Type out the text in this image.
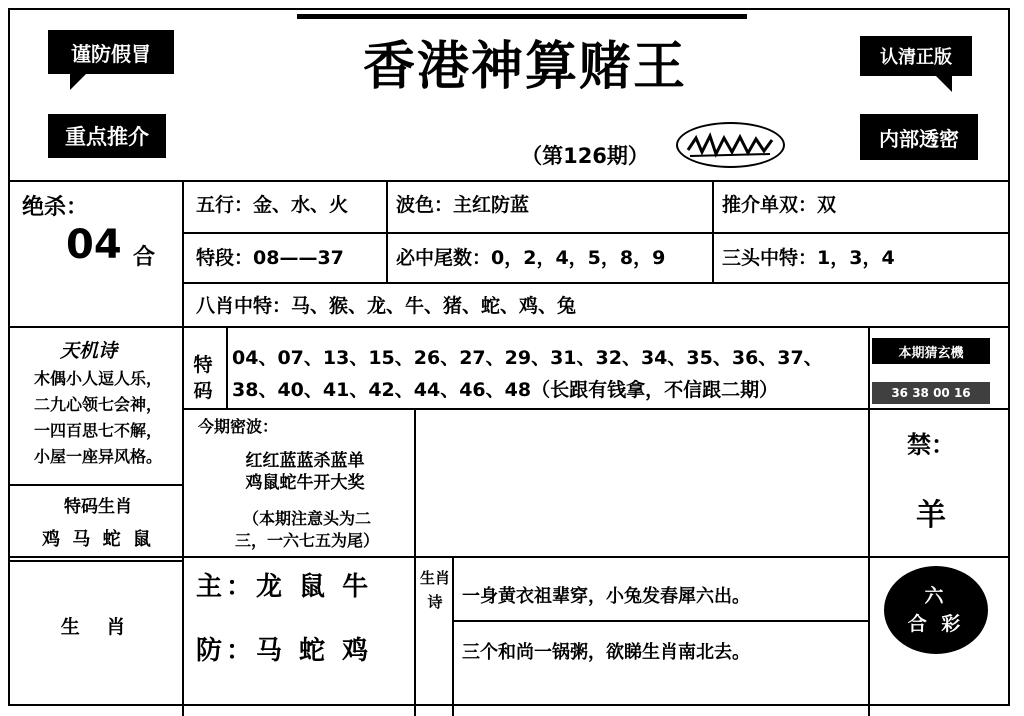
香港神算赌王
（第126期）
谨防假冒
重点推介
认清正版
内部透密
绝杀：
04 合
五行：金、水、火	波色：主红防蓝	推介单双：双
特段：08——37	必中尾数：0，2，4，5，8，9	三头中特：1，3，4
八肖中特：马、猴、龙、牛、猪、蛇、鸡、兔
天机诗
木偶小人逗人乐，
二九心领七会神，
一四百思七不解，
小屋一座异风格。
特码生肖
鸡 马 蛇 鼠
生 肖
特码
04、07、13、15、26、27、29、31、32、34、35、36、37、
38、40、41、42、44、46、48（长跟有钱拿，不信跟二期）

本期猜玄機
36 38 00 16
今期密波：
红红蓝蓝杀蓝单
鸡鼠蛇牛开大奖
（本期注意头为二
三，一六七五为尾）
禁：
羊
主：龙 鼠 牛
防：马 蛇 鸡
生肖诗	一身黄衣祖辈穿，小兔发春犀六出。
三个和尚一锅粥，欲睇生肖南北去。
六
合 彩
